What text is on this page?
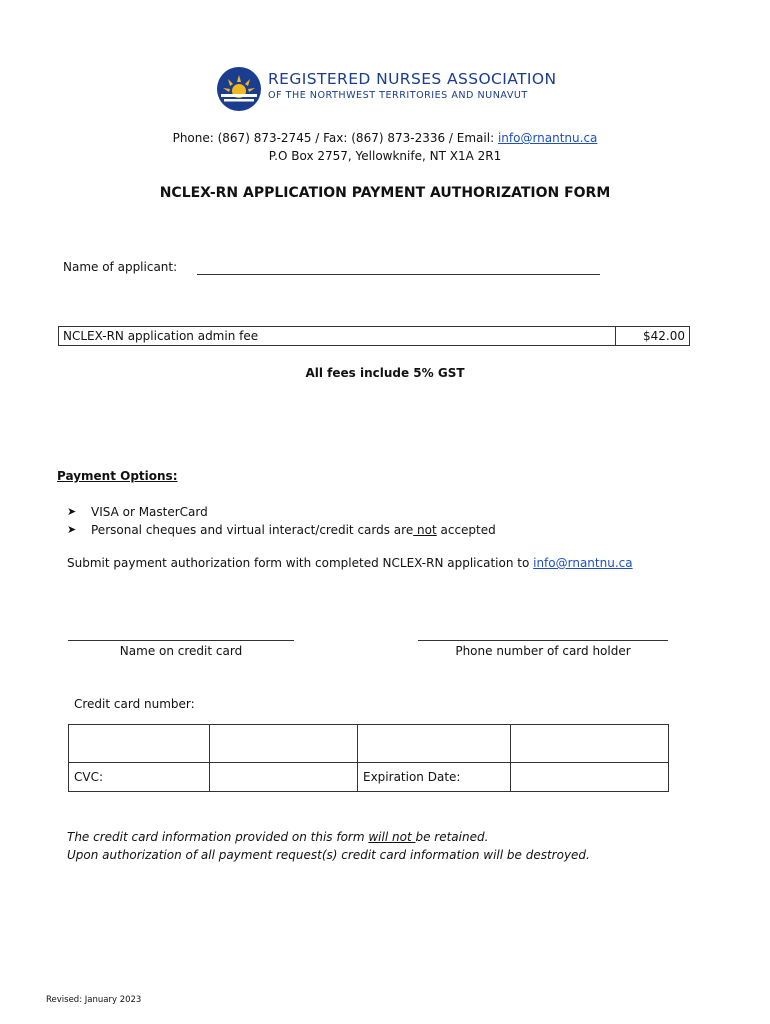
REGISTERED NURSES ASSOCIATION
OF THE NORTHWEST TERRITORIES AND NUNAVUT
Phone: (867) 873-2745 / Fax: (867) 873-2336 / Email: info@rnantnu.ca
P.O Box 2757, Yellowknife, NT X1A 2R1
NCLEX-RN APPLICATION PAYMENT AUTHORIZATION FORM
Name of applicant:
NCLEX-RN application admin fee	$42.00
All fees include 5% GST
Payment Options:
➤ VISA or MasterCard
➤ Personal cheques and virtual interact/credit cards are not accepted
Submit payment authorization form with completed NCLEX-RN application to info@rnantnu.ca
Name on credit card	Phone number of card holder
Credit card number:

CVC:		Expiration Date:	
The credit card information provided on this form will not be retained.
Upon authorization of all payment request(s) credit card information will be destroyed.
Revised: January 2023
